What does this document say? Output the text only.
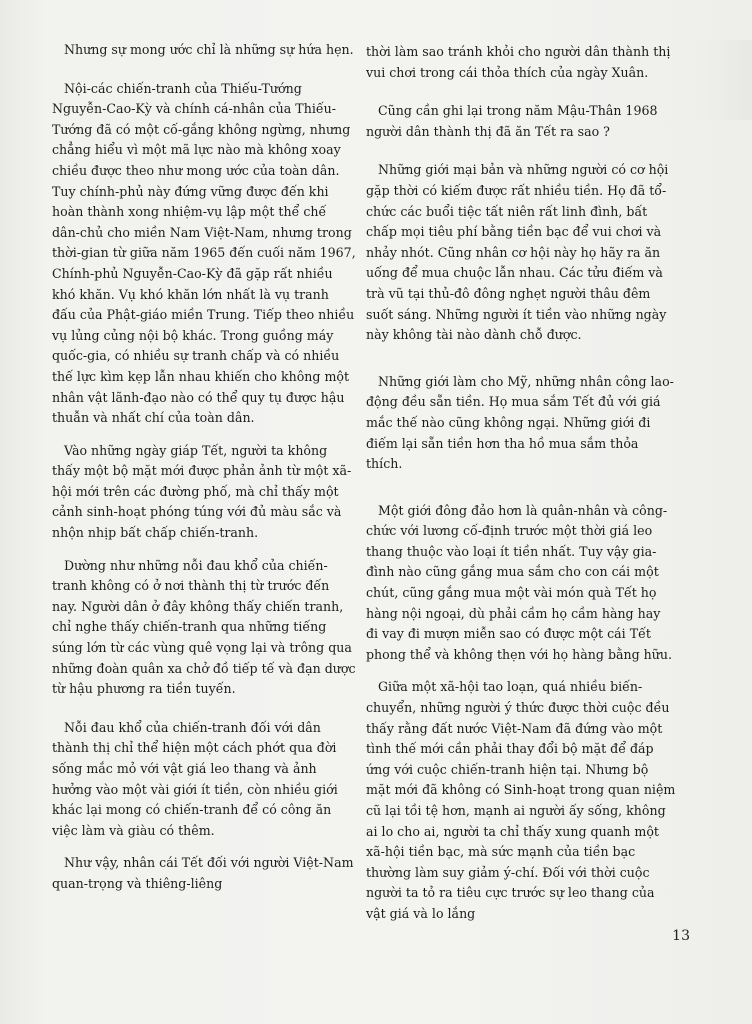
Nhưng sự mong ước chỉ là những sự hứa hẹn.

Nội-các chiến-tranh của Thiếu-Tướng Nguyễn-Cao-Kỳ và chính cá-nhân của Thiếu-Tướng đã có một cố-gắng không ngừng, nhưng chẳng hiểu vì một mã lực nào mà không xoay chiều được theo như mong ước của toàn dân. Tuy chính-phủ này đứng vững được đến khi hoàn thành xong nhiệm-vụ lập một thể chế dân-chủ cho miền Nam Việt-Nam, nhưng trong thời-gian từ giữa năm 1965 đến cuối năm 1967, Chính-phủ Nguyễn-Cao-Kỳ đã gặp rất nhiều khó khăn. Vụ khó khăn lớn nhất là vụ tranh đấu của Phật-giáo miền Trung. Tiếp theo nhiều vụ lủng củng nội bộ khác. Trong guồng máy quốc-gia, có nhiều sự tranh chấp và có nhiều thế lực kìm kẹp lẫn nhau khiến cho không một nhân vật lãnh-đạo nào có thể quy tụ được hậu thuẫn và nhất chí của toàn dân.

Vào những ngày giáp Tết, người ta không thấy một bộ mặt mới được phản ảnh từ một xã-hội mới trên các đường phố, mà chỉ thấy một cảnh sinh-hoạt phóng túng với đủ màu sắc và nhộn nhịp bất chấp chiến-tranh.

Dường như những nỗi đau khổ của chiến-tranh không có ở nơi thành thị từ trước đến nay. Người dân ở đây không thấy chiến tranh, chỉ nghe thấy chiến-tranh qua những tiếng súng lớn từ các vùng quê vọng lại và trông qua những đoàn quân xa chở đồ tiếp tế và đạn dược từ hậu phương ra tiền tuyến.

Nỗi đau khổ của chiến-tranh đối với dân thành thị chỉ thể hiện một cách phớt qua đời sống mắc mỏ với vật giá leo thang và ảnh hưởng vào một vài giới ít tiền, còn nhiều giới khác lại mong có chiến-tranh để có công ăn việc làm và giàu có thêm.

Như vậy, nhân cái Tết đối với người Việt-Nam quan-trọng và thiêng-liêng

thời làm sao tránh khỏi cho người dân thành thị vui chơi trong cái thỏa thích của ngày Xuân.

Cũng cần ghi lại trong năm Mậu-Thân 1968 người dân thành thị đã ăn Tết ra sao ?

Những giới mại bản và những người có cơ hội gặp thời có kiếm được rất nhiều tiền. Họ đã tổ-chức các buổi tiệc tất niên rất linh đình, bất chấp mọi tiêu phí bằng tiền bạc để vui chơi và nhảy nhót. Cũng nhân cơ hội này họ hãy ra ăn uống để mua chuộc lẫn nhau. Các tửu điếm và trà vũ tại thủ-đô đông nghẹt người thâu đêm suốt sáng. Những người ít tiền vào những ngày này không tài nào dành chỗ được.

Những giới làm cho Mỹ, những nhân công lao-động đều sẵn tiền. Họ mua sắm Tết đủ với giá mắc thế nào cũng không ngại. Những giới đi điếm lại sẵn tiền hơn tha hồ mua sắm thỏa thích.

Một giới đông đảo hơn là quân-nhân và công-chức với lương cố-định trước một thời giá leo thang thuộc vào loại ít tiền nhất. Tuy vậy gia-đình nào cũng gắng mua sắm cho con cái một chút, cũng gắng mua một vài món quà Tết họ hàng nội ngoại, dù phải cầm họ cầm hàng hay đi vay đi mượn miễn sao có được một cái Tết phong thể và không thẹn với họ hàng bằng hữu.

Giữa một xã-hội tao loạn, quá nhiều biến-chuyển, những người ý thức được thời cuộc đều thấy rằng đất nước Việt-Nam đã đứng vào một tình thế mới cần phải thay đổi bộ mặt để đáp ứng với cuộc chiến-tranh hiện tại. Nhưng bộ mặt mới đã không có Sinh-hoạt trong quan niệm cũ lại tồi tệ hơn, mạnh ai người ấy sống, không ai lo cho ai, người ta chỉ thấy xung quanh một xã-hội tiền bạc, mà sức mạnh của tiền bạc thường làm suy giảm ý-chí. Đối với thời cuộc người ta tỏ ra tiêu cực trước sự leo thang của vật giá và lo lắng

13
